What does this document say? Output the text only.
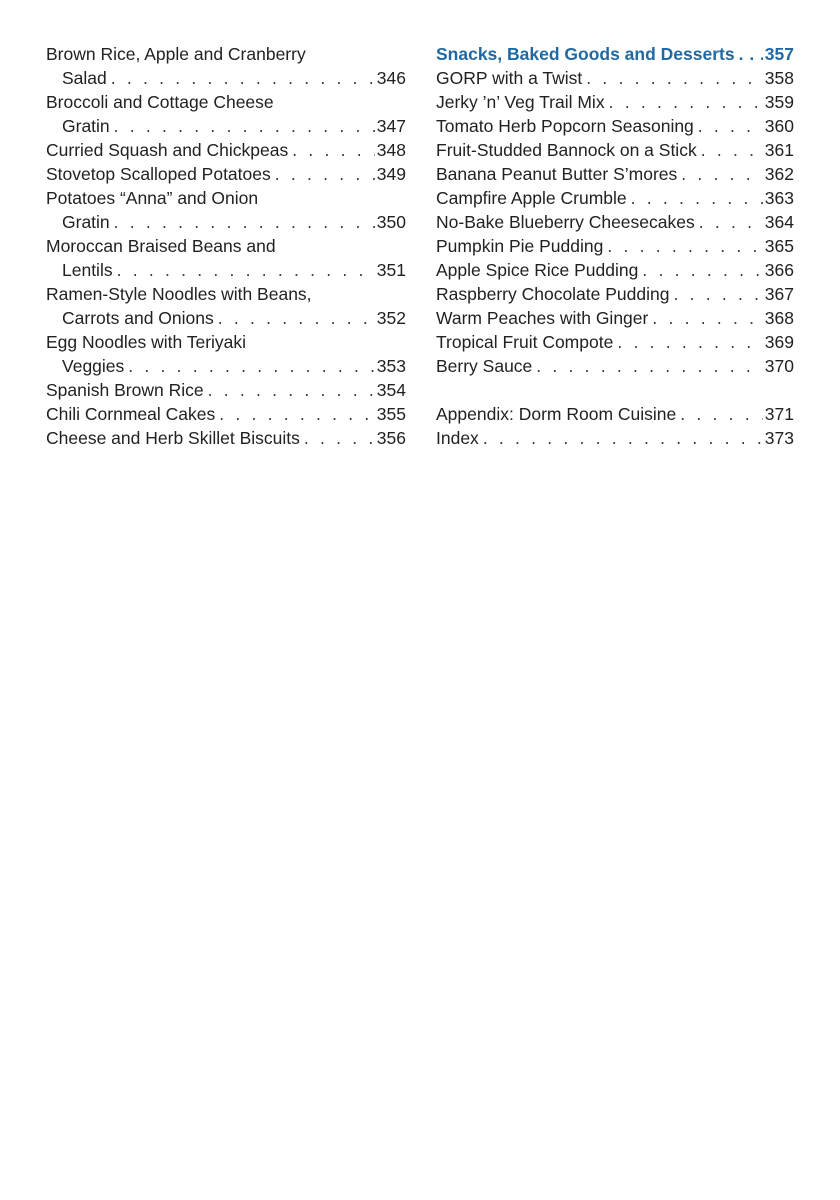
Brown Rice, Apple and Cranberry
Salad . . .	346
Broccoli and Cottage Cheese
Gratin . . .	347
Curried Squash and Chickpeas . . .	348
Stovetop Scalloped Potatoes . . .	349
Potatoes “Anna” and Onion
Gratin . . .	350
Moroccan Braised Beans and
Lentils . . .	351
Ramen-Style Noodles with Beans,
Carrots and Onions . . .	352
Egg Noodles with Teriyaki
Veggies . . .	353
Spanish Brown Rice . . .	354
Chili Cornmeal Cakes . . .	355
Cheese and Herb Skillet Biscuits . . .	356
Snacks, Baked Goods and Desserts . . . 357
GORP with a Twist . . .	358
Jerky ’n’ Veg Trail Mix . . .	359
Tomato Herb Popcorn Seasoning . . .	360
Fruit-Studded Bannock on a Stick . . .	361
Banana Peanut Butter S’mores . . .	362
Campfire Apple Crumble . . .	363
No-Bake Blueberry Cheesecakes . . .	364
Pumpkin Pie Pudding . . .	365
Apple Spice Rice Pudding . . .	366
Raspberry Chocolate Pudding . . .	367
Warm Peaches with Ginger . . .	368
Tropical Fruit Compote . . .	369
Berry Sauce . . .	370
Appendix: Dorm Room Cuisine . . .	371
Index . . .	373
